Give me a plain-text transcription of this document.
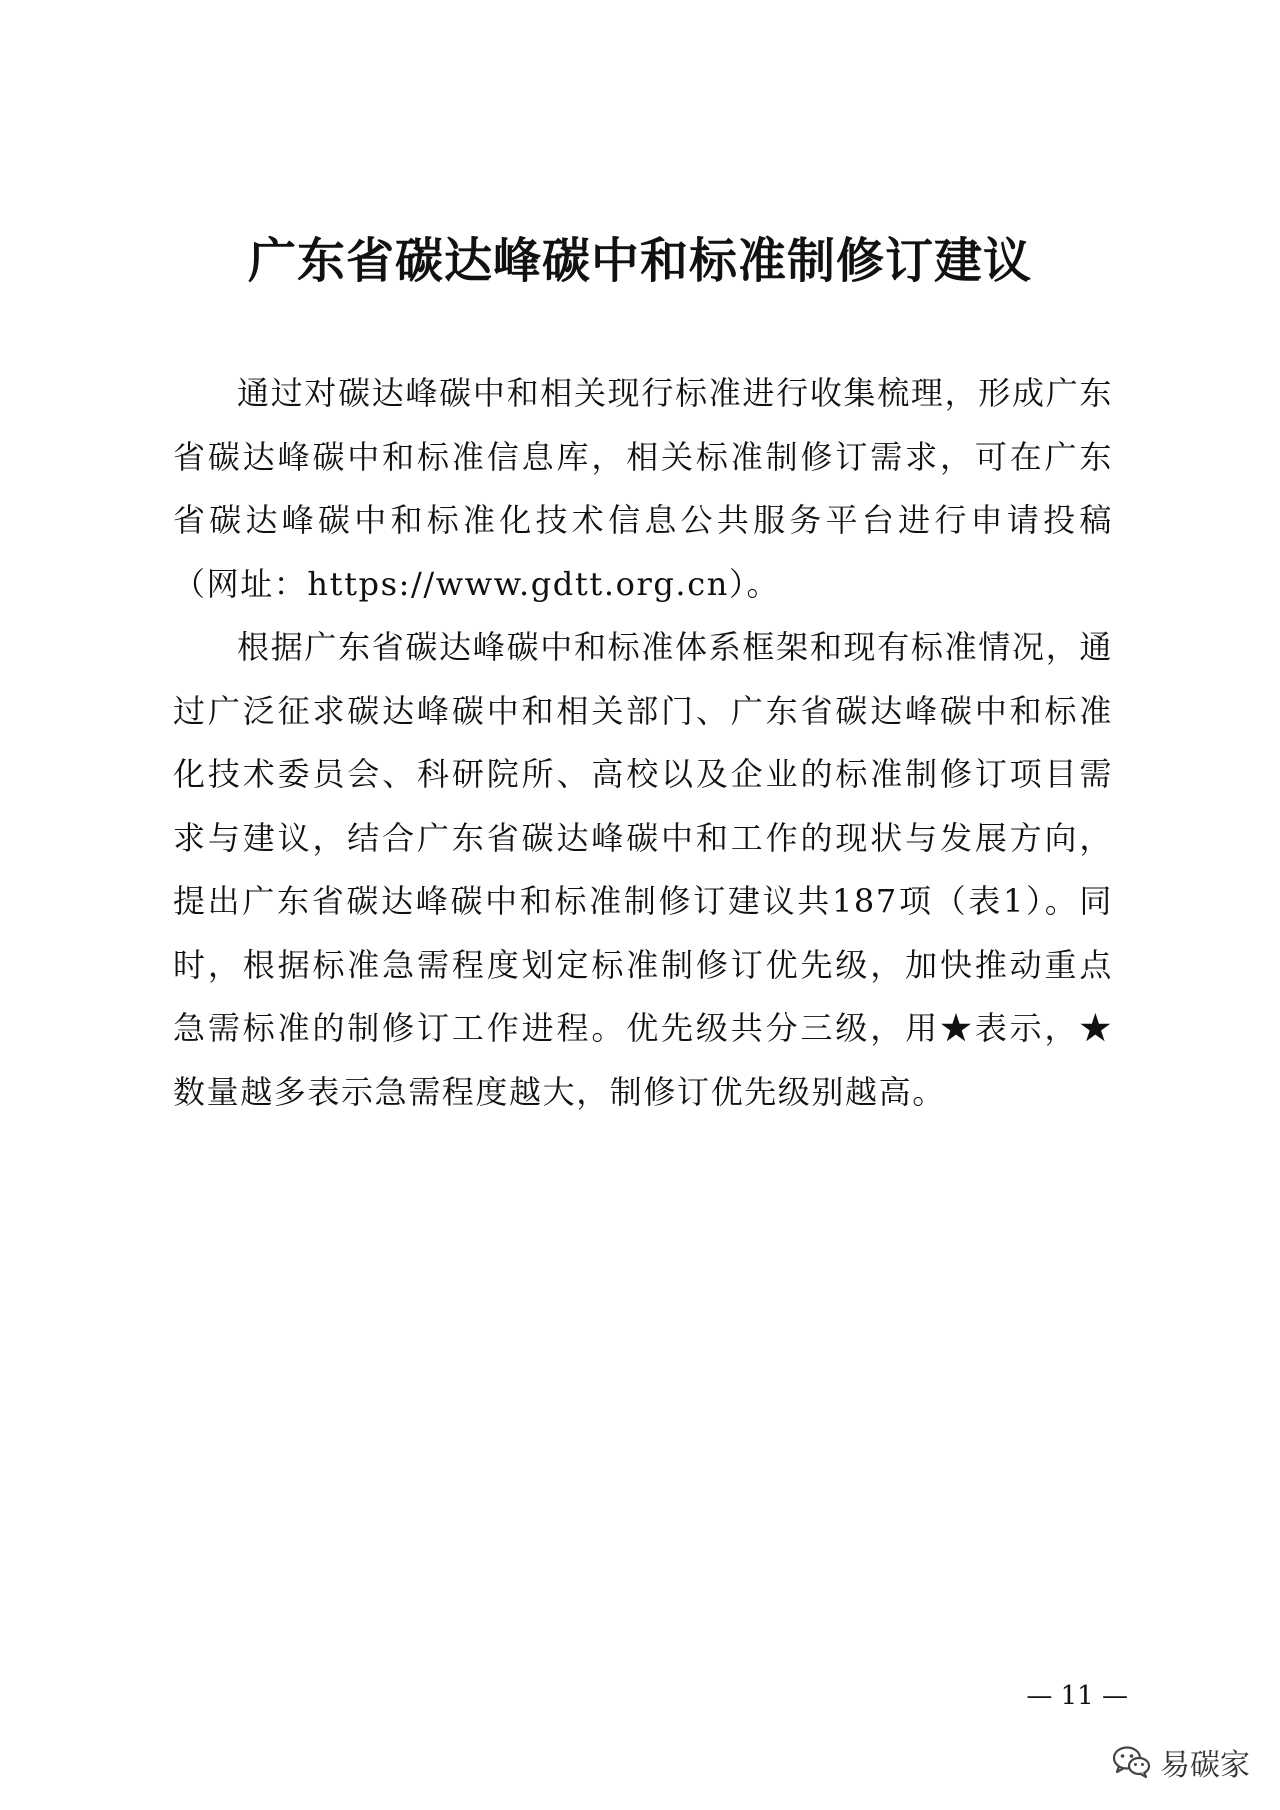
广东省碳达峰碳中和标准制修订建议

通过对碳达峰碳中和相关现行标准进行收集梳理，形成广东省碳达峰碳中和标准信息库，相关标准制修订需求，可在广东省碳达峰碳中和标准化技术信息公共服务平台进行申请投稿（网址：https://www.gdtt.org.cn）。

根据广东省碳达峰碳中和标准体系框架和现有标准情况，通过广泛征求碳达峰碳中和相关部门、广东省碳达峰碳中和标准化技术委员会、科研院所、高校以及企业的标准制修订项目需求与建议，结合广东省碳达峰碳中和工作的现状与发展方向，提出广东省碳达峰碳中和标准制修订建议共187项（表1）。同时，根据标准急需程度划定标准制修订优先级，加快推动重点急需标准的制修订工作进程。优先级共分三级，用★表示，★数量越多表示急需程度越大，制修订优先级别越高。

— 11 —
易碳家
